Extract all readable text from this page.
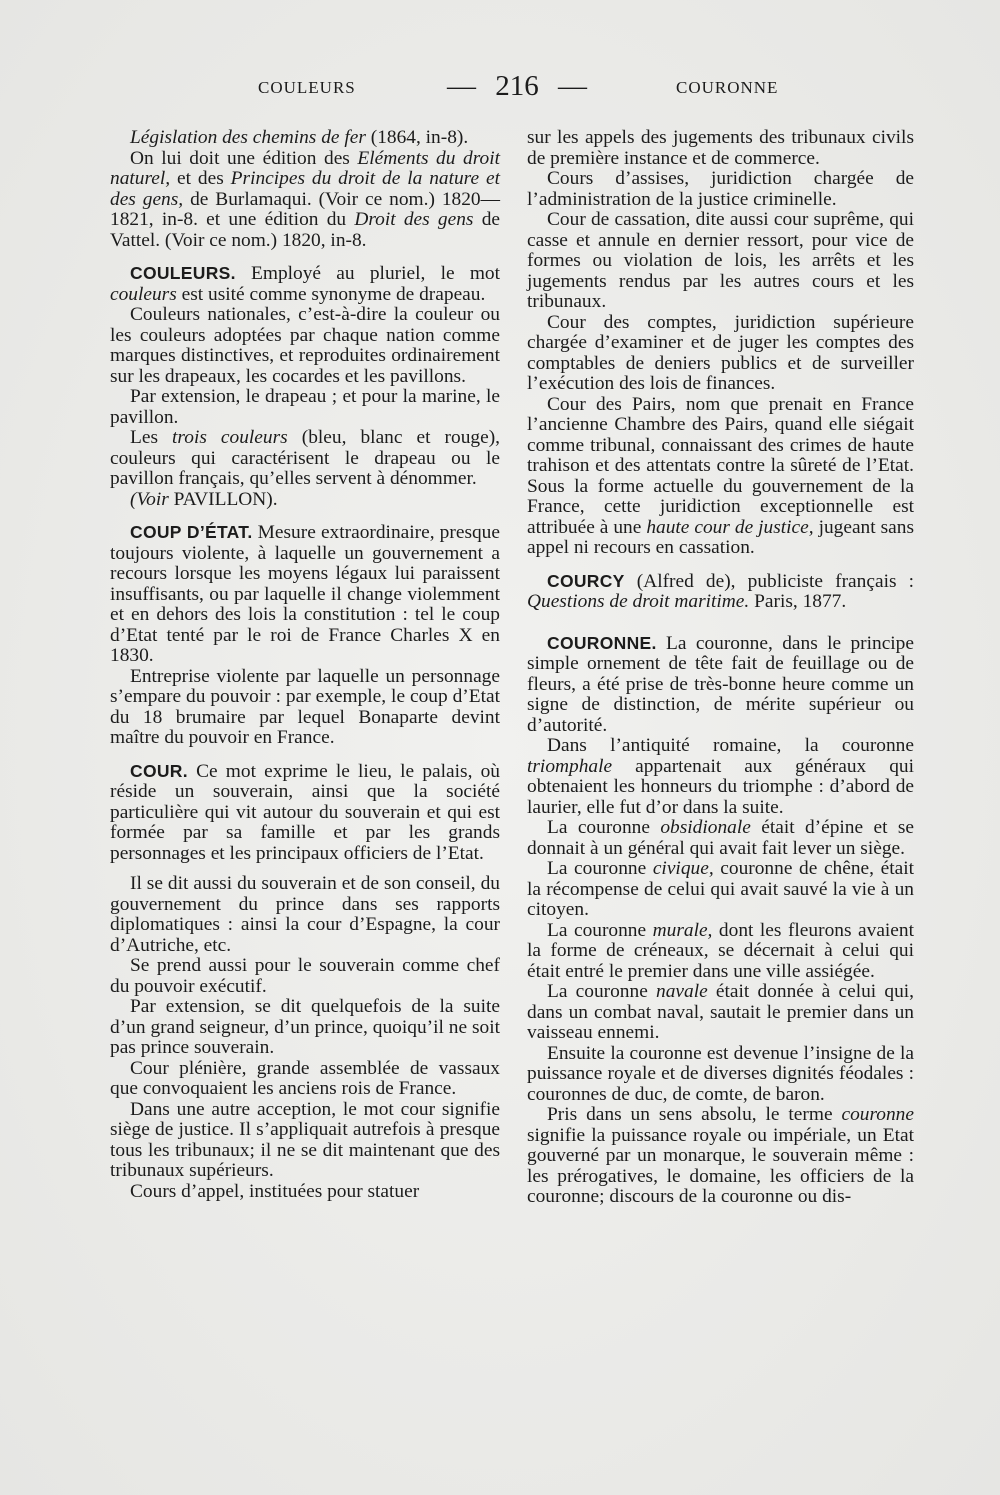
COULEURS	— 216 —	COURONNE

Législation des chemins de fer (1864, in-8).

On lui doit une édition des Eléments du droit naturel, et des Principes du droit de la nature et des gens, de Burlamaqui. (Voir ce nom.) 1820—1821, in-8. et une édition du Droit des gens de Vattel. (Voir ce nom.) 1820, in-8.

COULEURS. Employé au pluriel, le mot couleurs est usité comme synonyme de drapeau.

Couleurs nationales, c’est-à-dire la couleur ou les couleurs adoptées par chaque nation comme marques distinctives, et reproduites ordinairement sur les drapeaux, les cocardes et les pavillons.

Par extension, le drapeau ; et pour la marine, le pavillon.

Les trois couleurs (bleu, blanc et rouge), couleurs qui caractérisent le drapeau ou le pavillon français, qu’elles servent à dénommer.

(Voir PAVILLON).

COUP D’ÉTAT. Mesure extraordinaire, presque toujours violente, à laquelle un gouvernement a recours lorsque les moyens légaux lui paraissent insuffisants, ou par laquelle il change violemment et en dehors des lois la constitution : tel le coup d’Etat tenté par le roi de France Charles X en 1830.

Entreprise violente par laquelle un personnage s’empare du pouvoir : par exemple, le coup d’Etat du 18 brumaire par lequel Bonaparte devint maître du pouvoir en France.

COUR. Ce mot exprime le lieu, le palais, où réside un souverain, ainsi que la société particulière qui vit autour du souverain et qui est formée par sa famille et par les grands personnages et les principaux officiers de l’Etat.

Il se dit aussi du souverain et de son conseil, du gouvernement du prince dans ses rapports diplomatiques : ainsi la cour d’Espagne, la cour d’Autriche, etc.

Se prend aussi pour le souverain comme chef du pouvoir exécutif.

Par extension, se dit quelquefois de la suite d’un grand seigneur, d’un prince, quoiqu’il ne soit pas prince souverain.

Cour plénière, grande assemblée de vassaux que convoquaient les anciens rois de France.

Dans une autre acception, le mot cour signifie siège de justice. Il s’appliquait autrefois à presque tous les tribunaux; il ne se dit maintenant que des tribunaux supérieurs.

Cours d’appel, instituées pour statuer

sur les appels des jugements des tribunaux civils de première instance et de commerce.

Cours d’assises, juridiction chargée de l’administration de la justice criminelle.

Cour de cassation, dite aussi cour suprême, qui casse et annule en dernier ressort, pour vice de formes ou violation de lois, les arrêts et les jugements rendus par les autres cours et les tribunaux.

Cour des comptes, juridiction supérieure chargée d’examiner et de juger les comptes des comptables de deniers publics et de surveiller l’exécution des lois de finances.

Cour des Pairs, nom que prenait en France l’ancienne Chambre des Pairs, quand elle siégait comme tribunal, connaissant des crimes de haute trahison et des attentats contre la sûreté de l’Etat. Sous la forme actuelle du gouvernement de la France, cette juridiction exceptionnelle est attribuée à une haute cour de justice, jugeant sans appel ni recours en cassation.

COURCY (Alfred de), publiciste français : Questions de droit maritime. Paris, 1877.

COURONNE. La couronne, dans le principe simple ornement de tête fait de feuillage ou de fleurs, a été prise de très-bonne heure comme un signe de distinction, de mérite supérieur ou d’autorité.

Dans l’antiquité romaine, la couronne triomphale appartenait aux généraux qui obtenaient les honneurs du triomphe : d’abord de laurier, elle fut d’or dans la suite.

La couronne obsidionale était d’épine et se donnait à un général qui avait fait lever un siège.

La couronne civique, couronne de chêne, était la récompense de celui qui avait sauvé la vie à un citoyen.

La couronne murale, dont les fleurons avaient la forme de créneaux, se décernait à celui qui était entré le premier dans une ville assiégée.

La couronne navale était donnée à celui qui, dans un combat naval, sautait le premier dans un vaisseau ennemi.

Ensuite la couronne est devenue l’insigne de la puissance royale et de diverses dignités féodales : couronnes de duc, de comte, de baron.

Pris dans un sens absolu, le terme couronne signifie la puissance royale ou impériale, un Etat gouverné par un monarque, le souverain même : les prérogatives, le domaine, les officiers de la couronne; discours de la couronne ou dis-
